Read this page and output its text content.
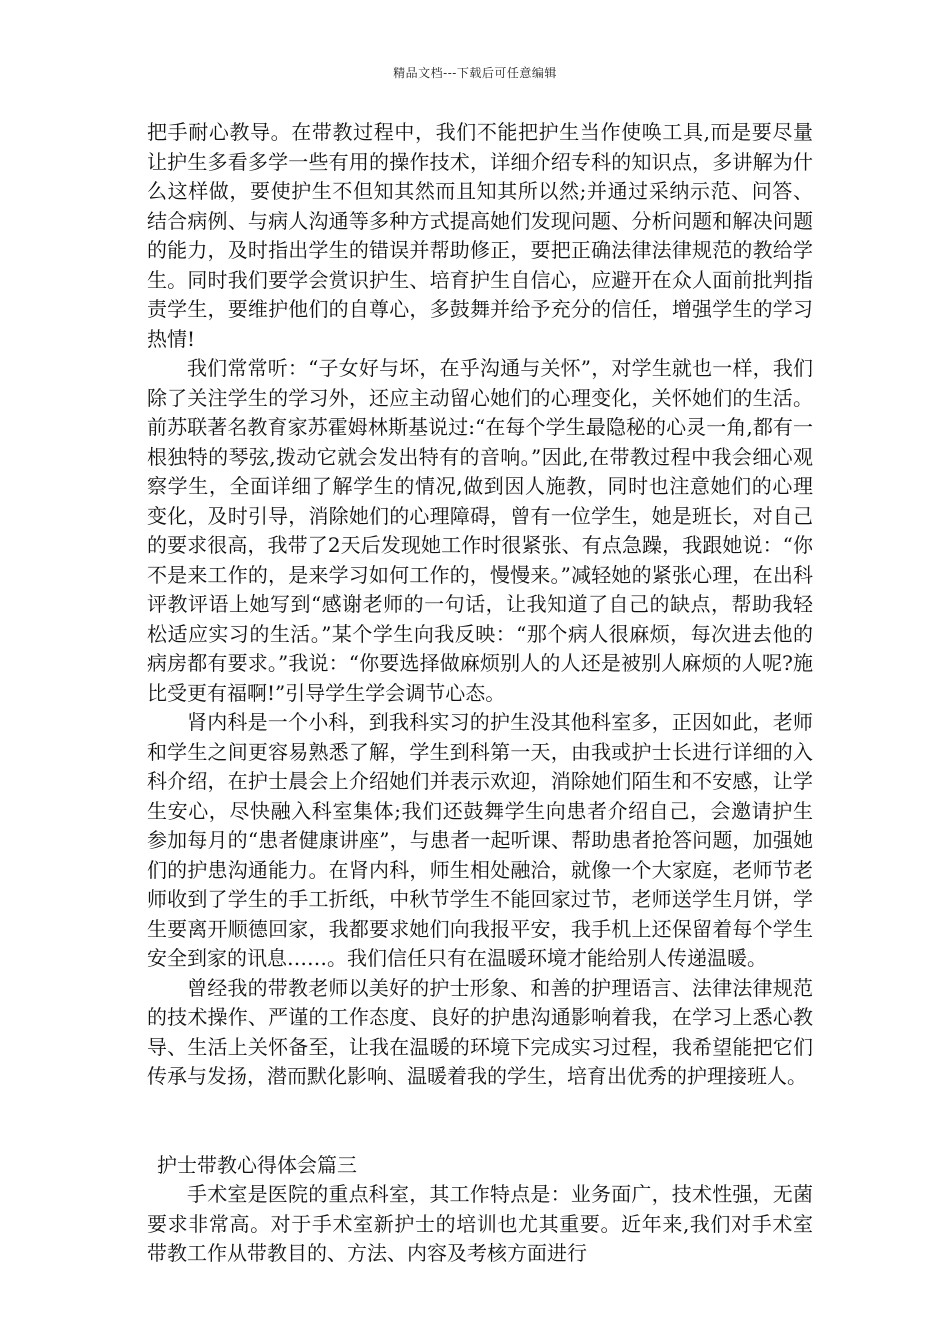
精品文档---下载后可任意编辑

把手耐心教导。在带教过程中，我们不能把护生当作使唤工具,而是要尽量让护生多看多学一些有用的操作技术，详细介绍专科的知识点，多讲解为什么这样做，要使护生不但知其然而且知其所以然;并通过采纳示范、问答、结合病例、与病人沟通等多种方式提高她们发现问题、分析问题和解决问题的能力，及时指出学生的错误并帮助修正，要把正确法律法律规范的教给学生。同时我们要学会赏识护生、培育护生自信心，应避开在众人面前批判指责学生，要维护他们的自尊心，多鼓舞并给予充分的信任，增强学生的学习热情!

我们常常听：“子女好与坏，在乎沟通与关怀”，对学生就也一样，我们除了关注学生的学习外，还应主动留心她们的心理变化，关怀她们的生活。前苏联著名教育家苏霍姆林斯基说过:“在每个学生最隐秘的心灵一角,都有一根独特的琴弦,拨动它就会发出特有的音响。”因此,在带教过程中我会细心观察学生，全面详细了解学生的情况,做到因人施教，同时也注意她们的心理变化，及时引导，消除她们的心理障碍，曾有一位学生，她是班长，对自己的要求很高，我带了2天后发现她工作时很紧张、有点急躁，我跟她说：“你不是来工作的，是来学习如何工作的，慢慢来。”减轻她的紧张心理，在出科评教评语上她写到“感谢老师的一句话，让我知道了自己的缺点，帮助我轻松适应实习的生活。”某个学生向我反映：“那个病人很麻烦，每次进去他的病房都有要求。”我说：“你要选择做麻烦别人的人还是被别人麻烦的人呢?施比受更有福啊!”引导学生学会调节心态。

肾内科是一个小科，到我科实习的护生没其他科室多，正因如此，老师和学生之间更容易熟悉了解，学生到科第一天，由我或护士长进行详细的入科介绍，在护士晨会上介绍她们并表示欢迎，消除她们陌生和不安感，让学生安心，尽快融入科室集体;我们还鼓舞学生向患者介绍自己，会邀请护生参加每月的“患者健康讲座”，与患者一起听课、帮助患者抢答问题，加强她们的护患沟通能力。在肾内科，师生相处融洽，就像一个大家庭，老师节老师收到了学生的手工折纸，中秋节学生不能回家过节，老师送学生月饼，学生要离开顺德回家，我都要求她们向我报平安，我手机上还保留着每个学生安全到家的讯息……。我们信任只有在温暖环境才能给别人传递温暖。

曾经我的带教老师以美好的护士形象、和善的护理语言、法律法律规范的技术操作、严谨的工作态度、良好的护患沟通影响着我，在学习上悉心教导、生活上关怀备至，让我在温暖的环境下完成实习过程，我希望能把它们传承与发扬，潜而默化影响、温暖着我的学生，培育出优秀的护理接班人。

护士带教心得体会篇三

手术室是医院的重点科室，其工作特点是：业务面广，技术性强，无菌要求非常高。对于手术室新护士的培训也尤其重要。近年来,我们对手术室带教工作从带教目的、方法、内容及考核方面进行
